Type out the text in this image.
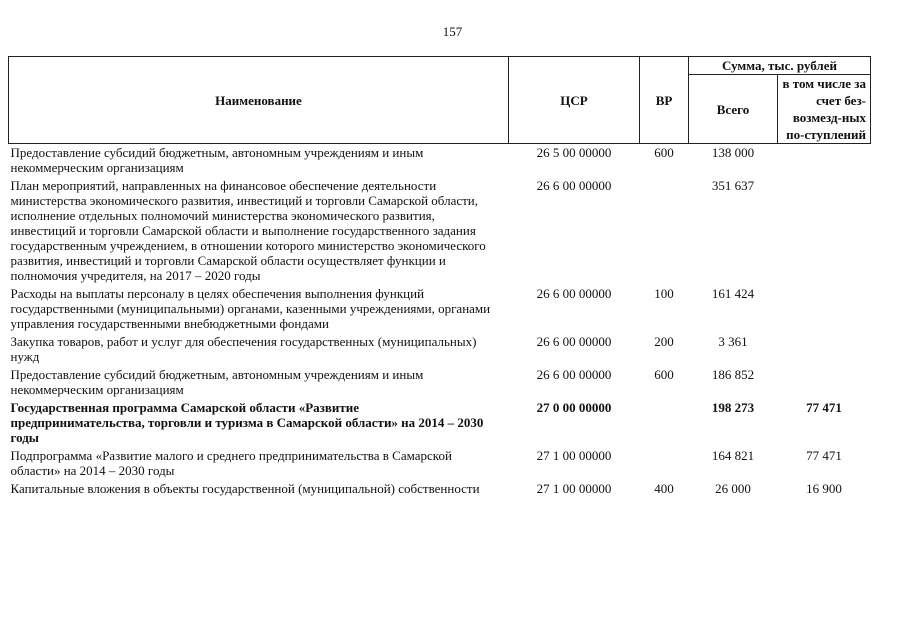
157
Наименование	ЦСР	ВР	Сумма, тыс. рублей	
			Всего	в том числе за счет без-возмезд-ных по-ступлений
Предоставление субсидий бюджетным, автономным учреждениям и иным некоммерческим организациям	26 5 00 00000	600	138 000	
План мероприятий, направленных на финансовое обеспечение деятельности министерства экономического развития, инвестиций и торговли Самарской области, исполнение отдельных полномочий министерства экономического развития, инвестиций и торговли Самарской области и выполнение государственного задания государственным учреждением, в отношении которого министерство экономического развития, инвестиций и торговли Самарской области осуществляет функции и полномочия учредителя, на 2017 – 2020 годы	26 6 00 00000		351 637	
Расходы на выплаты персоналу в целях обеспечения выполнения функций государственными (муниципальными) органами, казенными учреждениями, органами управления государственными внебюджетными фондами	26 6 00 00000	100	161 424	
Закупка товаров, работ и услуг для обеспечения государственных (муниципальных) нужд	26 6 00 00000	200	3 361	
Предоставление субсидий бюджетным, автономным учреждениям и иным некоммерческим организациям	26 6 00 00000	600	186 852	
Государственная программа Самарской области «Развитие предпринимательства, торговли и туризма в Самарской области» на 2014 – 2030 годы	27 0 00 00000		198 273	77 471
Подпрограмма «Развитие малого и среднего предпринимательства в Самарской области» на 2014 – 2030 годы	27 1 00 00000		164 821	77 471
Капитальные вложения в объекты государственной (муниципальной) собственности	27 1 00 00000	400	26 000	16 900
